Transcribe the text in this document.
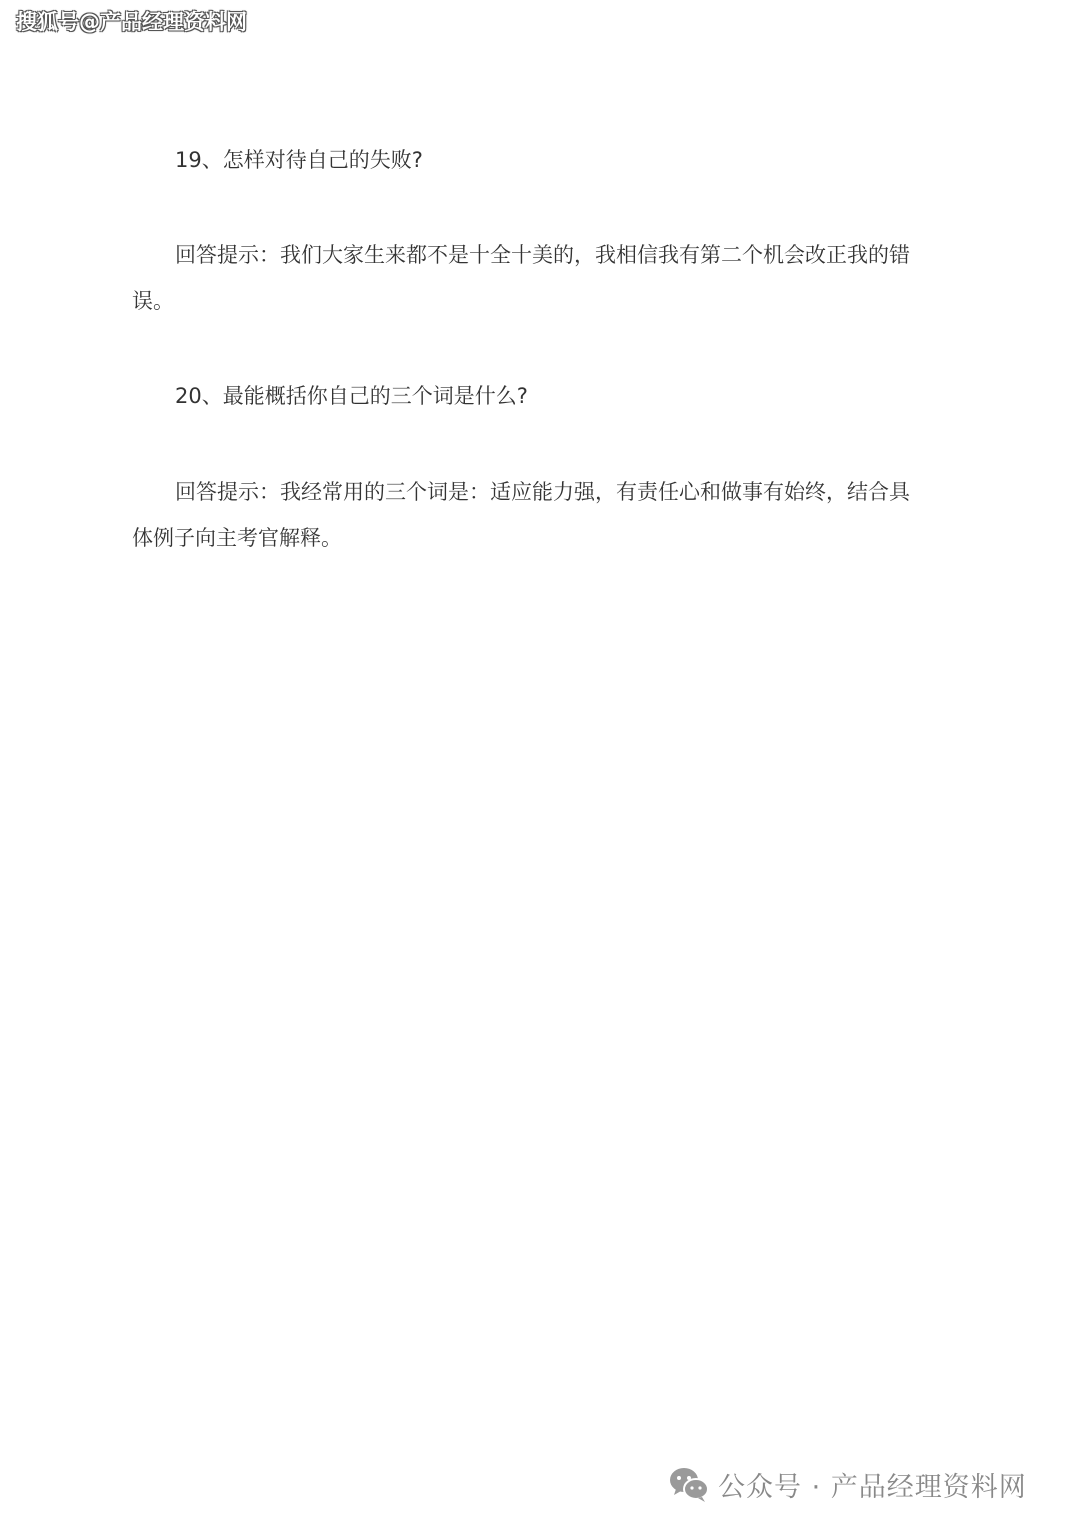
搜狐号@产品经理资料网
19、怎样对待自己的失败?
回答提示：我们大家生来都不是十全十美的，我相信我有第二个机会改正我的错
误。
20、最能概括你自己的三个词是什么?
回答提示：我经常用的三个词是：适应能力强，有责任心和做事有始终，结合具
体例子向主考官解释。
公众号 · 产品经理资料网
